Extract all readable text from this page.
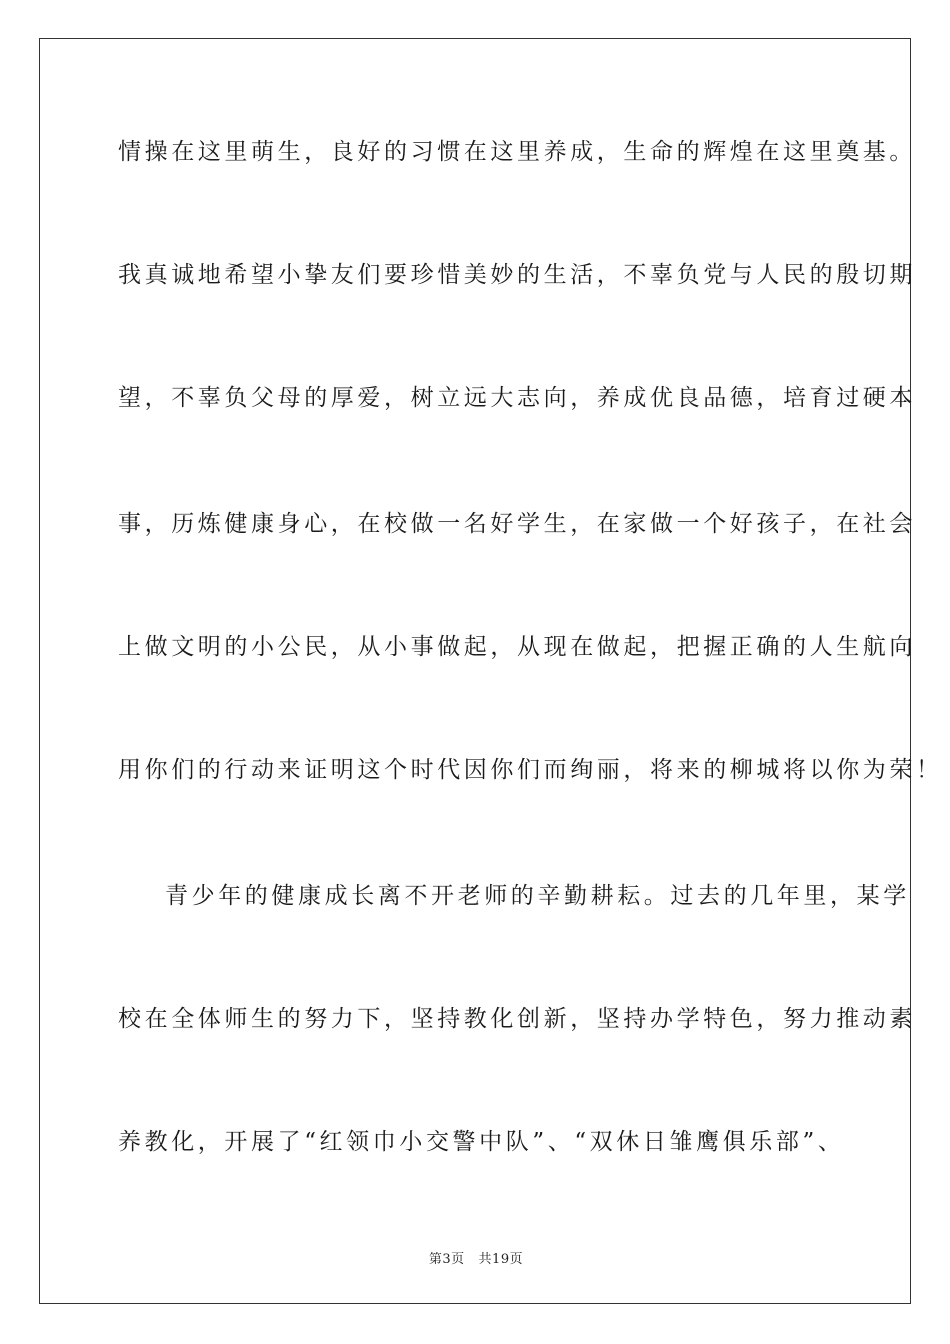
情操在这里萌生，良好的习惯在这里养成，生命的辉煌在这里奠基。
我真诚地希望小挚友们要珍惜美妙的生活，不辜负党与人民的殷切期
望，不辜负父母的厚爱，树立远大志向，养成优良品德，培育过硬本
事，历炼健康身心，在校做一名好学生，在家做一个好孩子，在社会
上做文明的小公民，从小事做起，从现在做起，把握正确的人生航向
用你们的行动来证明这个时代因你们而绚丽，将来的柳城将以你为荣！
青少年的健康成长离不开老师的辛勤耕耘。过去的几年里，某学
校在全体师生的努力下，坚持教化创新，坚持办学特色，努力推动素
养教化，开展了“红领巾小交警中队”、“双休日雏鹰俱乐部”、
第3页   共19页
